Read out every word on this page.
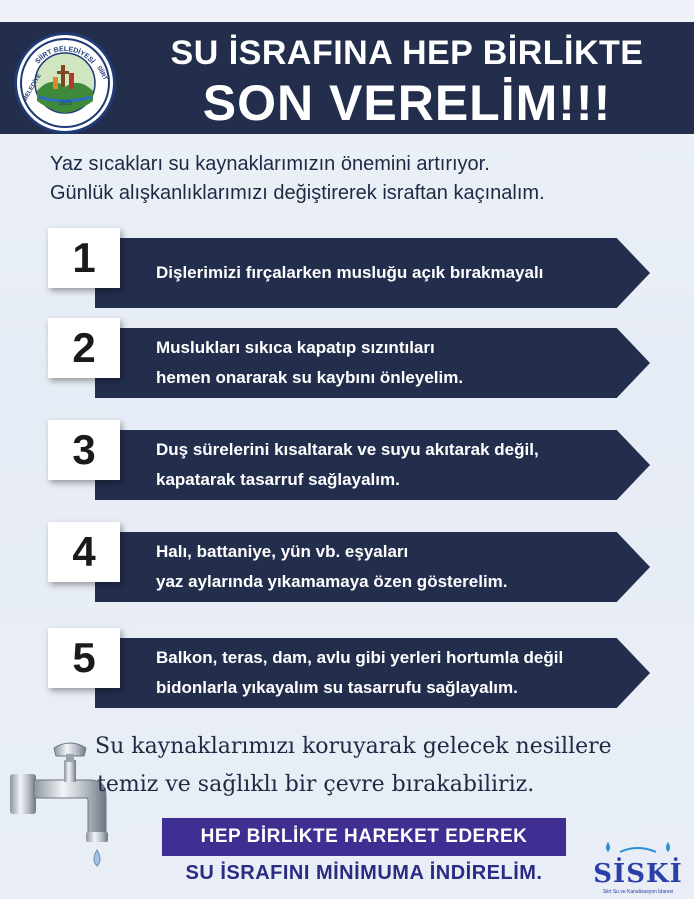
SİİRT BELEDİYESİ
BELEDİYE	SİİRT
1925
SU İSRAFINA HEP BİRLİKTE
SON VERELİM!!!
Yaz sıcakları su kaynaklarımızın önemini artırıyor.
Günlük alışkanlıklarımızı değiştirerek israftan kaçınalım.
1	Dişlerimizi fırçalarken musluğu açık bırakmayalı
2	Muslukları sıkıca kapatıp sızıntıları
hemen onararak su kaybını önleyelim.
3	Duş sürelerini kısaltarak ve suyu akıtarak değil,
kapatarak tasarruf sağlayalım.
4	Halı, battaniye, yün vb. eşyaları
yaz aylarında yıkamamaya özen gösterelim.
5	Balkon, teras, dam, avlu gibi yerleri hortumla değil
bidonlarla yıkayalım su tasarrufu sağlayalım.
Su kaynaklarımızı koruyarak gelecek nesillere
temiz ve sağlıklı bir çevre bırakabiliriz.
HEP BİRLİKTE HAREKET EDEREK
SU İSRAFINI MİNİMUMA İNDİRELİM.	SİSKİ
Siirt Su ve Kanalizasyon İdaresi
